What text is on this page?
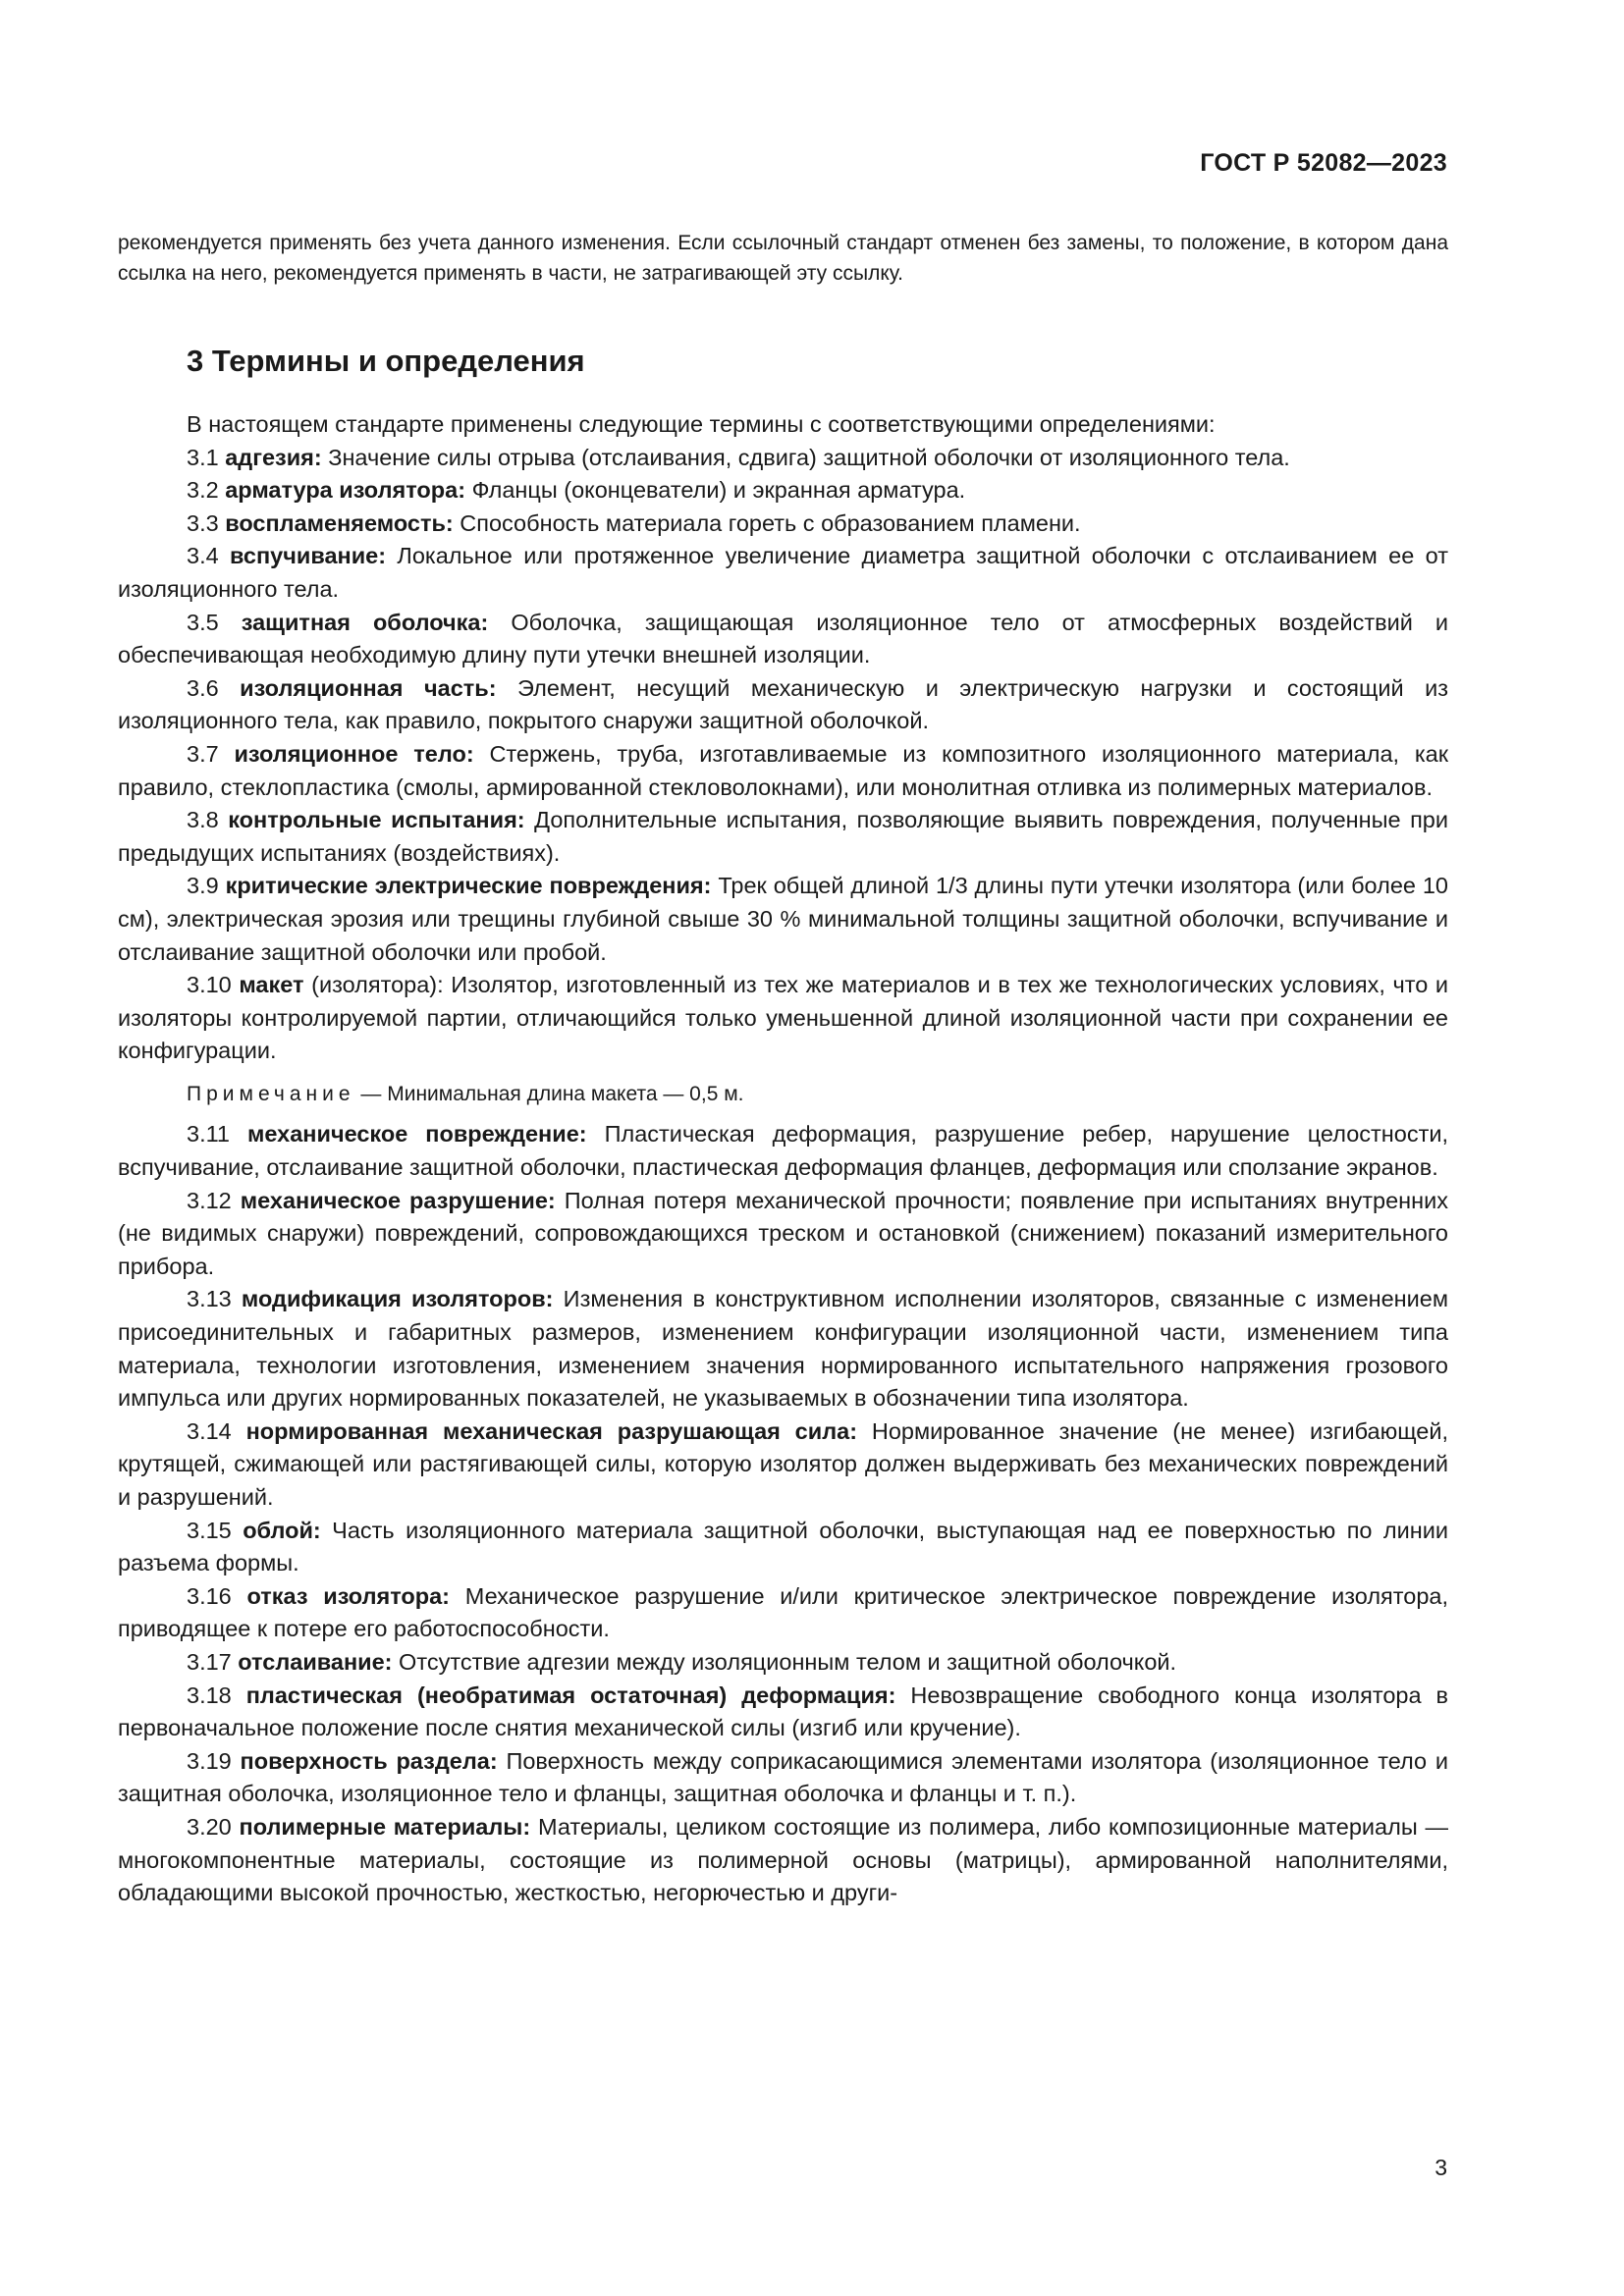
ГОСТ Р 52082—2023
рекомендуется применять без учета данного изменения. Если ссылочный стандарт отменен без замены, то положение, в котором дана ссылка на него, рекомендуется применять в части, не затрагивающей эту ссылку.
3 Термины и определения

В настоящем стандарте применены следующие термины с соответствующими определениями:

3.1 адгезия: Значение силы отрыва (отслаивания, сдвига) защитной оболочки от изоляционного тела.

3.2 арматура изолятора: Фланцы (оконцеватели) и экранная арматура.

3.3 воспламеняемость: Способность материала гореть с образованием пламени.

3.4 вспучивание: Локальное или протяженное увеличение диаметра защитной оболочки с отслаиванием ее от изоляционного тела.

3.5 защитная оболочка: Оболочка, защищающая изоляционное тело от атмосферных воздействий и обеспечивающая необходимую длину пути утечки внешней изоляции.

3.6 изоляционная часть: Элемент, несущий механическую и электрическую нагрузки и состоящий из изоляционного тела, как правило, покрытого снаружи защитной оболочкой.

3.7 изоляционное тело: Стержень, труба, изготавливаемые из композитного изоляционного материала, как правило, стеклопластика (смолы, армированной стекловолокнами), или монолитная отливка из полимерных материалов.

3.8 контрольные испытания: Дополнительные испытания, позволяющие выявить повреждения, полученные при предыдущих испытаниях (воздействиях).

3.9 критические электрические повреждения: Трек общей длиной 1/3 длины пути утечки изолятора (или более 10 см), электрическая эрозия или трещины глубиной свыше 30 % минимальной толщины защитной оболочки, вспучивание и отслаивание защитной оболочки или пробой.

3.10 макет (изолятора): Изолятор, изготовленный из тех же материалов и в тех же технологических условиях, что и изоляторы контролируемой партии, отличающийся только уменьшенной длиной изоляционной части при сохранении ее конфигурации.

Примечание — Минимальная длина макета — 0,5 м.

3.11 механическое повреждение: Пластическая деформация, разрушение ребер, нарушение целостности, вспучивание, отслаивание защитной оболочки, пластическая деформация фланцев, деформация или сползание экранов.

3.12 механическое разрушение: Полная потеря механической прочности; появление при испытаниях внутренних (не видимых снаружи) повреждений, сопровождающихся треском и остановкой (снижением) показаний измерительного прибора.

3.13 модификация изоляторов: Изменения в конструктивном исполнении изоляторов, связанные с изменением присоединительных и габаритных размеров, изменением конфигурации изоляционной части, изменением типа материала, технологии изготовления, изменением значения нормированного испытательного напряжения грозового импульса или других нормированных показателей, не указываемых в обозначении типа изолятора.

3.14 нормированная механическая разрушающая сила: Нормированное значение (не менее) изгибающей, крутящей, сжимающей или растягивающей силы, которую изолятор должен выдерживать без механических повреждений и разрушений.

3.15 облой: Часть изоляционного материала защитной оболочки, выступающая над ее поверхностью по линии разъема формы.

3.16 отказ изолятора: Механическое разрушение и/или критическое электрическое повреждение изолятора, приводящее к потере его работоспособности.

3.17 отслаивание: Отсутствие адгезии между изоляционным телом и защитной оболочкой.

3.18 пластическая (необратимая остаточная) деформация: Невозвращение свободного конца изолятора в первоначальное положение после снятия механической силы (изгиб или кручение).

3.19 поверхность раздела: Поверхность между соприкасающимися элементами изолятора (изоляционное тело и защитная оболочка, изоляционное тело и фланцы, защитная оболочка и фланцы и т. п.).

3.20 полимерные материалы: Материалы, целиком состоящие из полимера, либо композиционные материалы — многокомпонентные материалы, состоящие из полимерной основы (матрицы), армированной наполнителями, обладающими высокой прочностью, жесткостью, негорючестью и други-

3
